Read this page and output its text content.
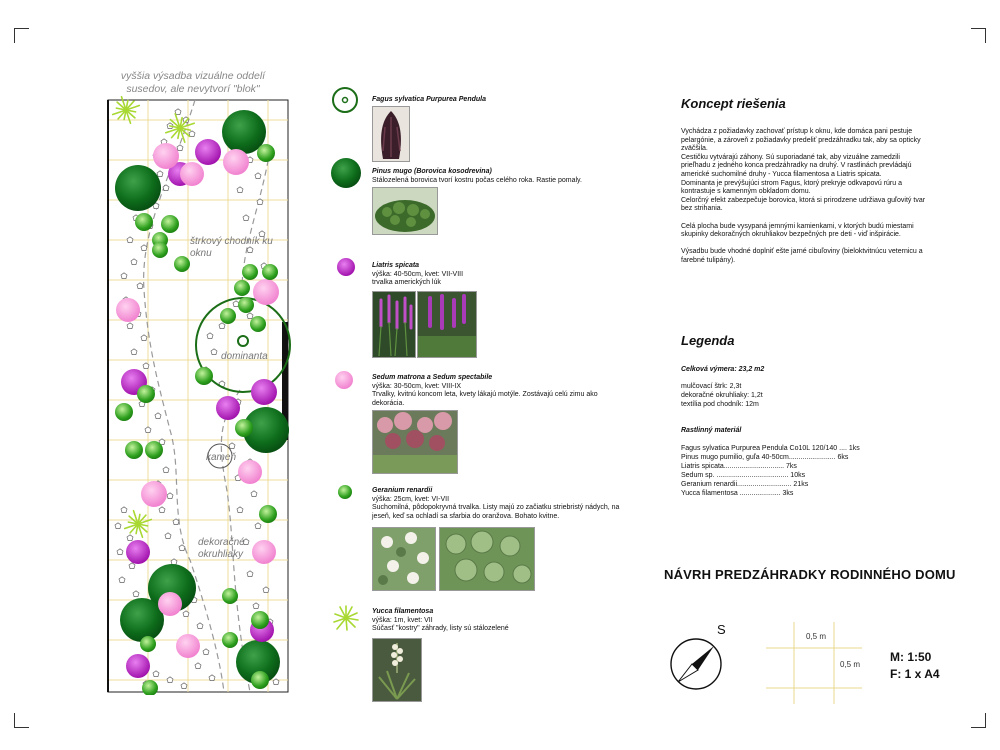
vyššia výsadba vizuálne oddelí susedov, ale nevytvorí "blok"
štrkový chodník ku oknu
dominanta
kameň
dekoračné okruhliaky
Fagus sylvatica Purpurea Pendula
Pinus mugo (Borovica kosodrevina)
Stálozelená borovica tvorí kostru počas celého roka. Rastie pomaly.
Liatris spicata
výška: 40-50cm, kvet: VII-VIII
trvalka amerických lúk
Sedum matrona a Sedum spectabile
výška: 30-50cm, kvet: VIII-IX
Trvalky, kvitnú koncom leta, kvety lákajú motýle. Zostávajú celú zimu ako dekorácia.
Geranium renardii
výška: 25cm, kvet: VI-VII
Suchomilná, pôdopokryvná trvalka. Listy majú zo začiatku striebristý nádych, na jeseň, keď sa ochladí sa sfarbia do oranžova. Bohato kvitne.
Yucca filamentosa
výška: 1m, kvet: VII
Súčasť "kostry" záhrady, listy sú stálozelené
Koncept riešenia
Vychádza z požiadavky zachovať prístup k oknu, kde domáca pani pestuje pelargónie, a zároveň z požiadavky predeliť predzáhradku tak, aby sa opticky zväčšila.
Cestičku vytvárajú záhony. Sú suporiadané tak, aby vizuálne zamedzili prieľhadu z jedného konca predzáhradky na druhý. V rastlinách prevládajú americké suchomilné druhy - Yucca filamentosa a Liatris spicata.
Dominanta je prevýšujúci strom Fagus, ktorý prekryje odkvapovú rúru a kontrastuje s kamenným obkladom domu.
Celorčný efekt zabezpečuje borovica, ktorá si prirodzene udržiava guľovitý tvar bez strihania.

Celá plocha bude vysypaná jemnými kamienkami, v ktorých budú miestami skupinky dekoračných okruhliakov bezpečných pre deti - viď inšpirácie.

Výsadbu bude vhodné doplniť ešte jarné cibuľoviny (bieloktvitnúcu veternicu a farebné tulipány).
Legenda
Celková výmera: 23,2 m2
mulčovací štrk: 2,3t
dekoračné okruhliaky: 1,2t
textília pod chodník: 12m
Rastlinný materiál
Fagus sylvatica Purpurea Pendula Co10L 120/140 .... 1ks
Pinus mugo pumilio, guľa 40-50cm........................ 6ks
Liatris spicata............................... 7ks
Sedum sp. ..................................... 10ks
Geranium renardii............................ 21ks
Yucca filamentosa ..................... 3ks
NÁVRH PREDZÁHRADKY RODINNÉHO DOMU
S	0,5 m
0,5 m
M: 1:50
F: 1 x A4
